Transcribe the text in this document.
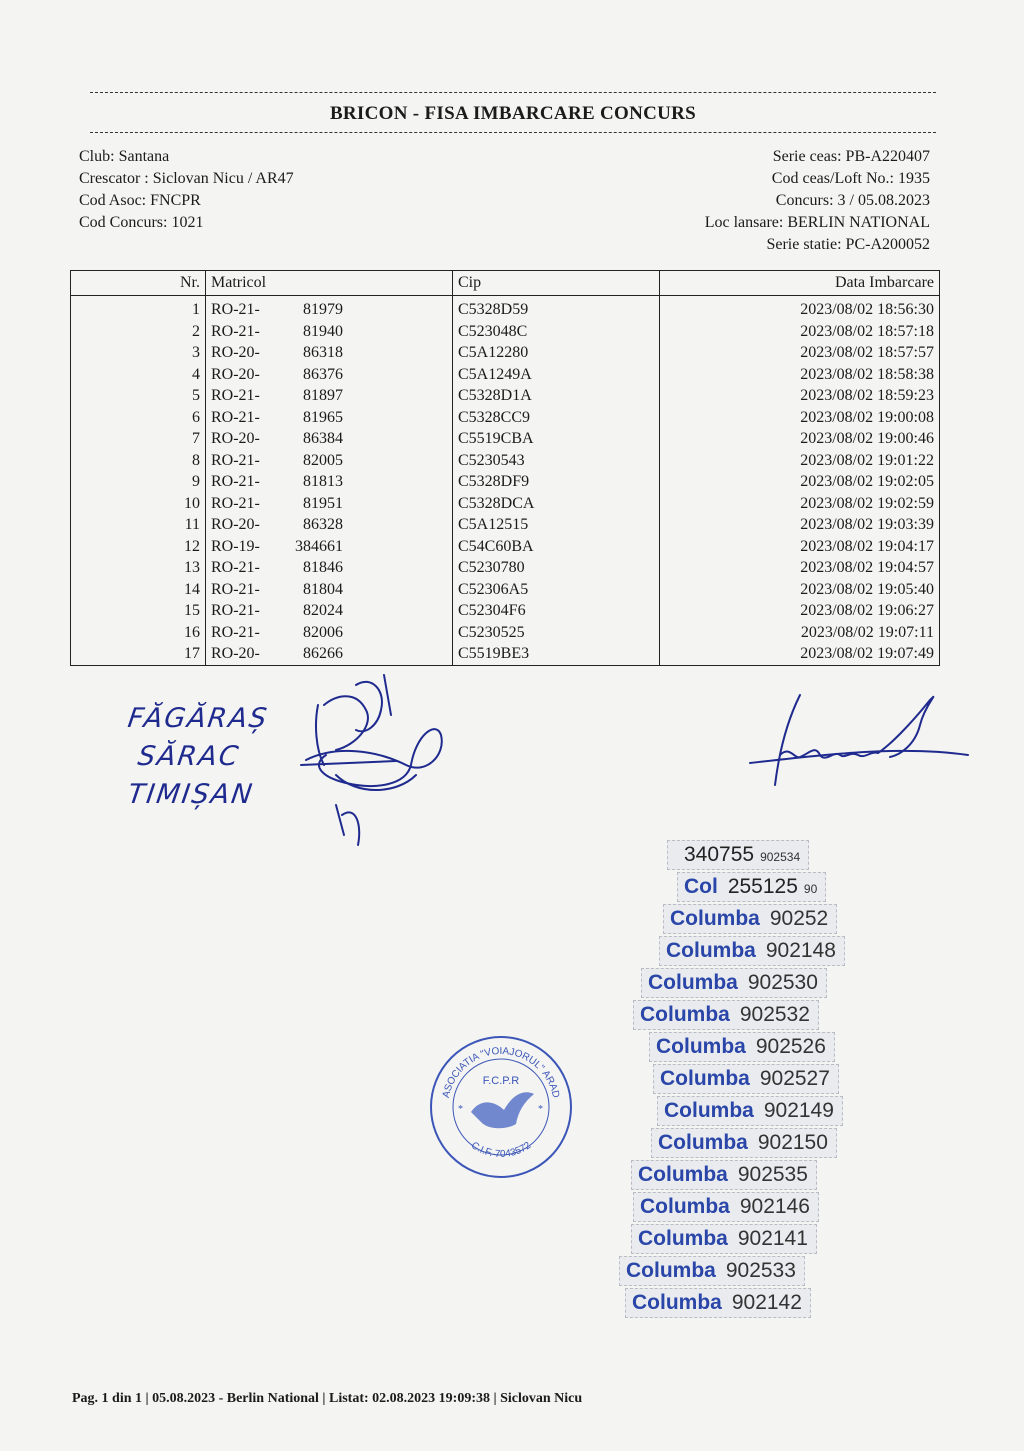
BRICON - FISA IMBARCARE CONCURS
Club: Santana
Crescator : Siclovan Nicu / AR47
Cod Asoc: FNCPR
Cod Concurs: 1021
Serie ceas: PB-A220407
Cod ceas/Loft No.: 1935
Concurs: 3 / 05.08.2023
Loc lansare: BERLIN NATIONAL
Serie statie: PC-A200052
Nr.	Matricol	Cip	Data Imbarcare
1	RO-21- 81979	C5328D59	2023/08/02 18:56:30
2	RO-21- 81940	C523048C	2023/08/02 18:57:18
3	RO-20- 86318	C5A12280	2023/08/02 18:57:57
4	RO-20- 86376	C5A1249A	2023/08/02 18:58:38
5	RO-21- 81897	C5328D1A	2023/08/02 18:59:23
6	RO-21- 81965	C5328CC9	2023/08/02 19:00:08
7	RO-20- 86384	C5519CBA	2023/08/02 19:00:46
8	RO-21- 82005	C5230543	2023/08/02 19:01:22
9	RO-21- 81813	C5328DF9	2023/08/02 19:02:05
10	RO-21- 81951	C5328DCA	2023/08/02 19:02:59
11	RO-20- 86328	C5A12515	2023/08/02 19:03:39
12	RO-19- 384661	C54C60BA	2023/08/02 19:04:17
13	RO-21- 81846	C5230780	2023/08/02 19:04:57
14	RO-21- 81804	C52306A5	2023/08/02 19:05:40
15	RO-21- 82024	C52304F6	2023/08/02 19:06:27
16	RO-21- 82006	C5230525	2023/08/02 19:07:11
17	RO-20- 86266	C5519BE3	2023/08/02 19:07:49
FĂGĂRAȘ
SĂRAC
TIMIȘAN
ASOCIATIA "VOIAJORUL" ARAD
F.C.P.R
C.I.F. 7043572
*	*
340755 902534
Col 255125 90
Columba 90252
Columba 902148
Columba 902530
Columba 902532
Columba 902526
Columba 902527
Columba 902149
Columba 902150
Columba 902535
Columba 902146
Columba 902141
Columba 902533
Columba 902142
Pag. 1 din 1 | 05.08.2023 - Berlin National | Listat: 02.08.2023 19:09:38 | Siclovan Nicu
